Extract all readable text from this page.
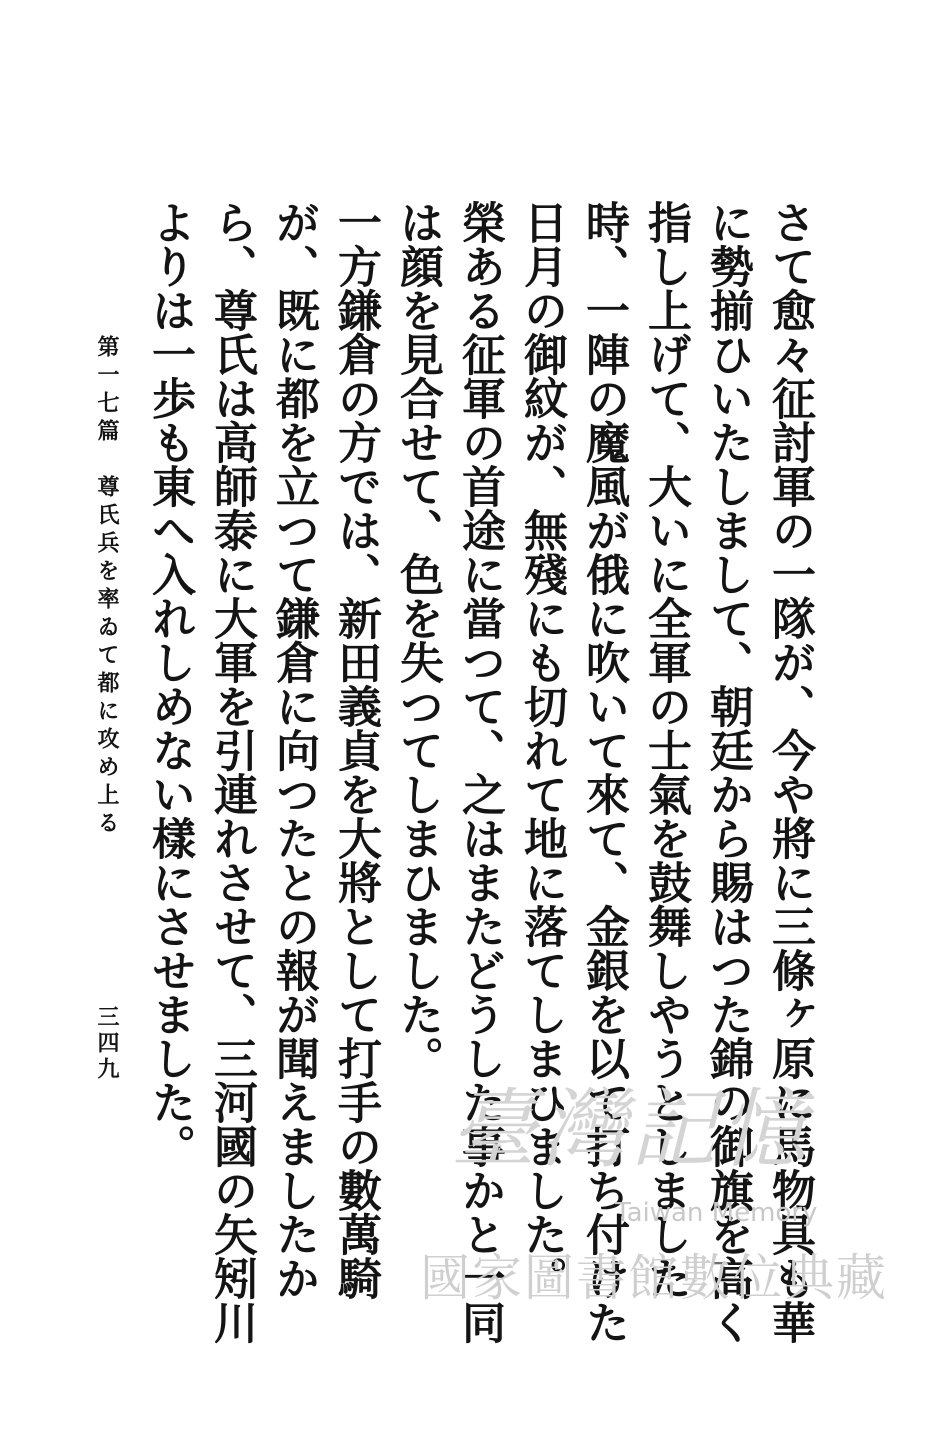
さて愈々征討軍の一隊が、今や將に三條ヶ原に馬物具も華に勢揃ひいたしまして、朝廷から賜はつた錦の御旗を高く指し上げて、大いに全軍の士氣を鼓舞しやうとしました時、一陣の魔風が俄に吹いて來て、金銀を以て打ち付けた日月の御紋が、無殘にも切れて地に落てしまひました。

榮ある征軍の首途に當つて、之はまたどうした事かと一同は顔を見合せて、色を失つてしまひました。

一方鎌倉の方では、新田義貞を大將として打手の數萬騎が、既に都を立つて鎌倉に向つたとの報が聞えましたから、尊氏は高師泰に大軍を引連れさせて、三河國の矢矧川よりは一歩も東へ入れしめない樣にさせました。

第一七篇　尊氏兵を率ゐて都に攻め上る
三四九
臺灣記憶
Taiwan Memory
國家圖書館數位典藏
